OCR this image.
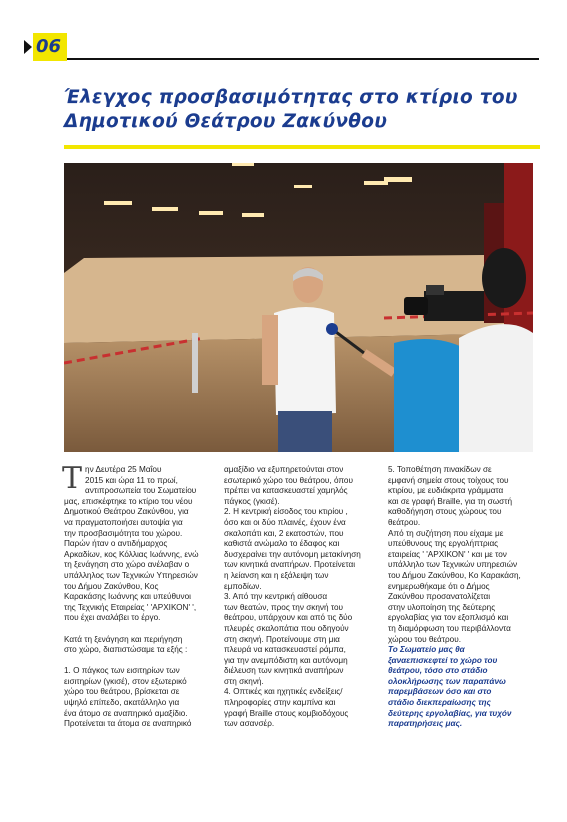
06
Έλεγχος προσβασιμότητας στο κτίριο του Δημοτικού Θεάτρου Ζακύνθου
Τ ην Δευτέρα 25 Μαΐου
2015 και ώρα 11 το πρωί,
αντιπροσωπεία του Σωματείου
μας, επισκέφτηκε το κτίριο του νέου
Δημοτικού Θεάτρου Ζακύνθου, για
να πραγματοποιήσει αυτοψία για
την προσβασιμότητα του χώρου.
Παρών ήταν ο αντιδήμαρχος
Αρκαδίων, κος Κόλλιας Ιωάννης, ενώ
τη ξενάγηση στο χώρο ανέλαβαν ο
υπάλληλος των Τεχνικών Υπηρεσιών
του Δήμου Ζακύνθου, Κος
Καρακάσης Ιωάννης και υπεύθυνοι
της Τεχνικής Εταιρείας ' 'ΑΡΧΙΚΟΝ' ',
που έχει αναλάβει το έργο.

Κατά τη ξενάγηση και περιήγηση
στο χώρο, διαπιστώσαμε τα εξής :

1. Ο πάγκος των εισιτηρίων των
εισιτηρίων (γκισέ), στον εξωτερικό
χώρο του θεάτρου, βρίσκεται σε
υψηλό επίπεδο, ακατάλληλο για
ένα άτομο σε αναπηρικό αμαξίδιο.
Προτείνεται τα άτομα σε αναπηρικό

αμαξίδιο να εξυπηρετούνται στον
εσωτερικό χώρο του θεάτρου, όπου
πρέπει να κατασκευαστεί χαμηλός
πάγκος (γκισέ).
2. Η κεντρική είσοδος του κτιρίου ,
όσο και οι δύο πλαινές, έχουν ένα
σκαλοπάτι και, 2 εκατοστών, που
καθιστά ανώμαλο το έδαφος και
δυσχεραίνει την αυτόνομη μετακίνηση
των κινητικά αναπήρων. Προτείνεται
η λείανση και η εξάλειψη των
εμποδίων.
3. Από την κεντρική αίθουσα
των θεατών, προς την σκηνή του
θεάτρου, υπάρχουν και από τις δύο
πλευρές σκαλοπάτια που οδηγούν
στη σκηνή. Προτείνουμε στη μια
πλευρά να κατασκευαστεί ράμπα,
για την ανεμπόδιστη και αυτόνομη
διέλευση των κινητικά αναπήρων
στη σκηνή.
4. Οπτικές και ηχητικές ενδείξεις/
πληροφορίες στην καμπίνα και
γραφή Braille στους κομβιοδόχους
των ασανσέρ.

5. Τοποθέτηση πινακίδων σε
εμφανή σημεία στους τοίχους του
κτιρίου, με ευδιάκριτα γράμματα
και σε γραφή Braille, για τη σωστή
καθοδήγηση στους χώρους του
θεάτρου.
Από τη συζήτηση που είχαμε με
υπεύθυνους της εργολήπτριας
εταιρείας ' 'ΑΡΧΙΚΟΝ' ' και με τον
υπάλληλο των Τεχνικών υπηρεσιών
του Δήμου Ζακύνθου, Κο Καρακάση,
ενημερωθήκαμε ότι ο Δήμος
Ζακύνθου προσανατολίζεται
στην υλοποίηση της δεύτερης
εργολαβίας για τον εξοπλισμό και
τη διαμόρφωση του περιβάλλοντα
χώρου του θεάτρου.

Το Σωματείο μας θα
ξαναεπισκεφτεί το χώρο του
θεάτρου, τόσο στο στάδιο
ολοκλήρωσης των παραπάνω
παρεμβάσεων όσο και στο
στάδιο διεκπεραίωσης της
δεύτερης εργολαβίας, για τυχόν
παρατηρήσεις μας.
